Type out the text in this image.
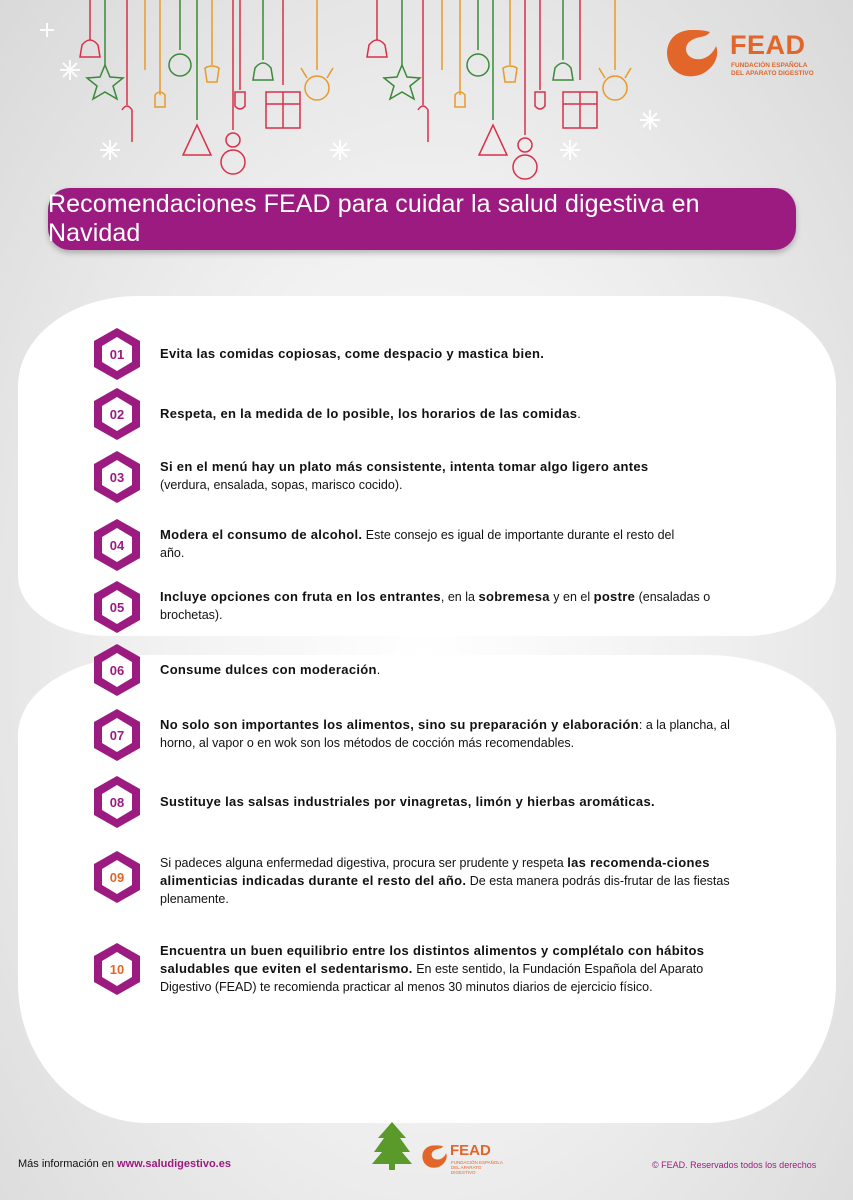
FEAD
FUNDACIÓN ESPAÑOLA DEL APARATO DIGESTIVO
Recomendaciones FEAD para cuidar la salud digestiva en Navidad
01	Evita las comidas copiosas, come despacio y mastica bien.
02	Respeta, en la medida de lo posible, los horarios de las comidas.
03
Si en el menú hay un plato más consistente, intenta tomar algo ligero antes (verdura, ensalada, sopas, marisco cocido).
04
Modera el consumo de alcohol. Este consejo es igual de importante durante el resto del año.
05
Incluye opciones con fruta en los entrantes, en la sobremesa y en el postre (ensaladas o brochetas).
06	Consume dulces con moderación.
07
No solo son importantes los alimentos, sino su preparación y elaboración: a la plancha, al horno, al vapor o en wok son los métodos de cocción más recomendables.
08	Sustituye las salsas industriales por vinagretas, limón y hierbas aromáticas.
09
Si padeces alguna enfermedad digestiva, procura ser prudente y respeta las recomenda-ciones alimenticias indicadas durante el resto del año. De esta manera podrás dis-frutar de las fiestas plenamente.
10
Encuentra un buen equilibrio entre los distintos alimentos y complétalo con hábitos saludables que eviten el sedentarismo. En este sentido, la Fundación Española del Aparato Digestivo (FEAD) te recomienda practicar al menos 30 minutos diarios de ejercicio físico.
Más información en www.saludigestivo.es
FEAD
FUNDACIÓN ESPAÑOLA DEL APARATO DIGESTIVO
© FEAD. Reservados todos los derechos
